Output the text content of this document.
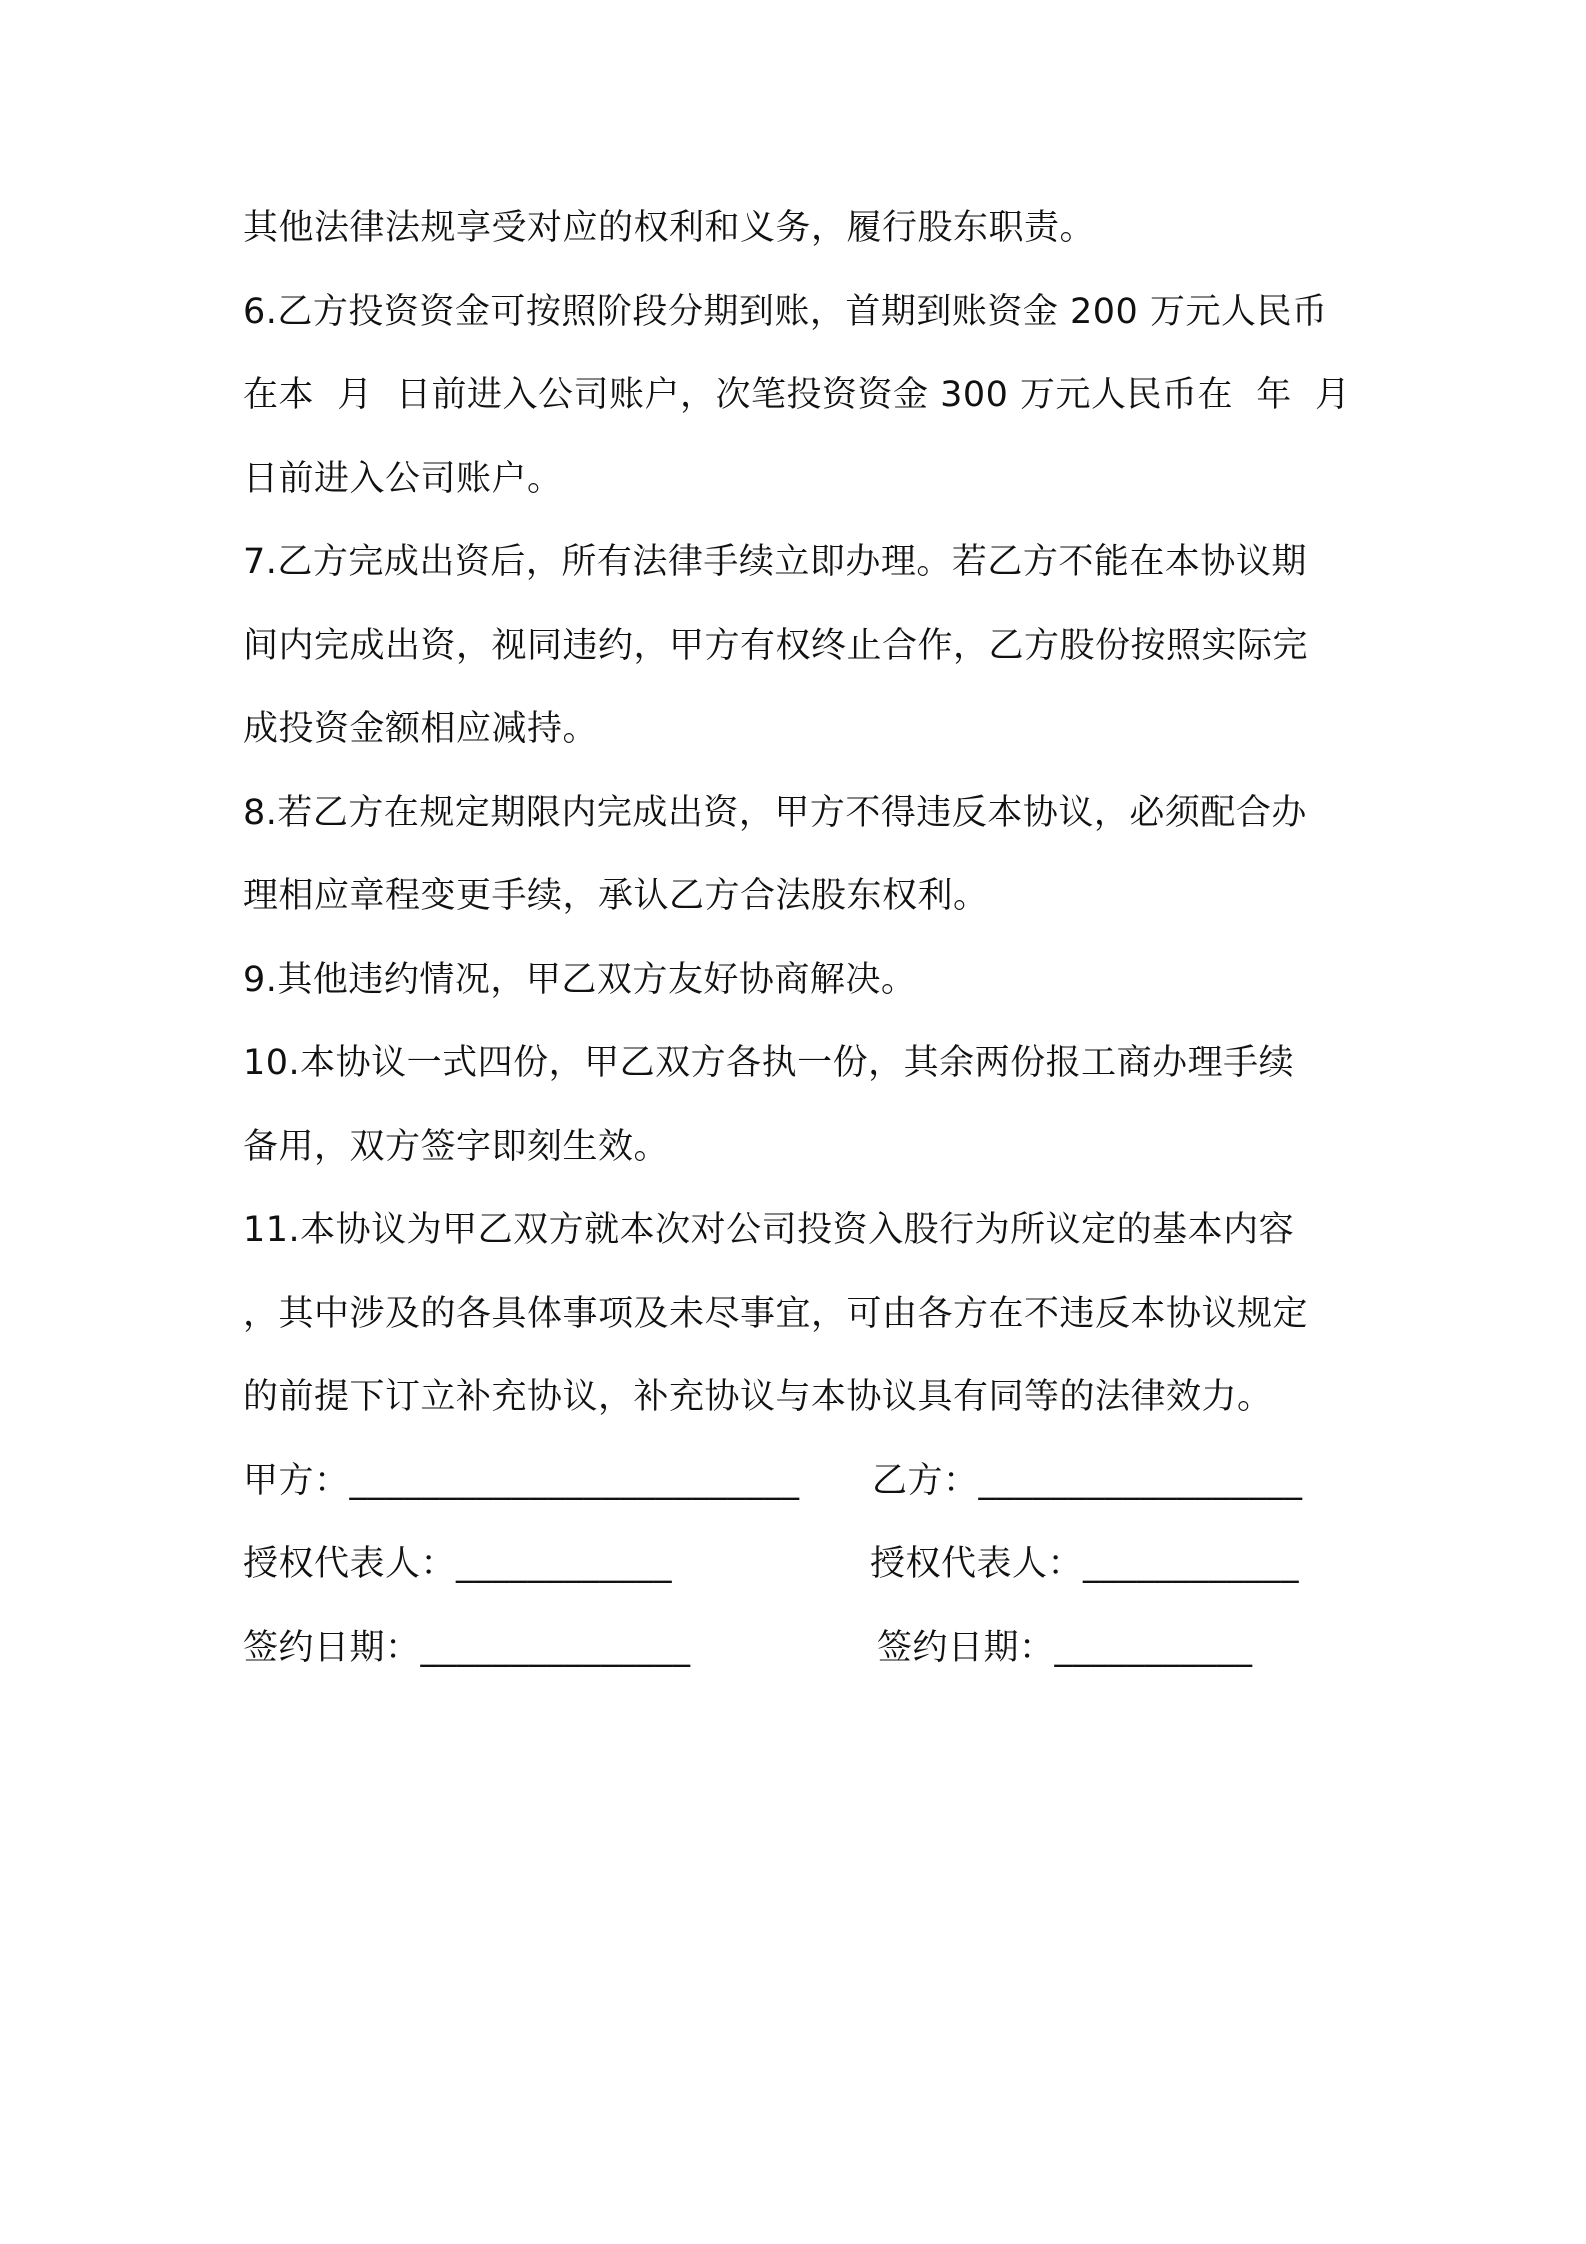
其他法律法规享受对应的权利和义务，履行股东职责。
6.乙方投资资金可按照阶段分期到账，首期到账资金 200 万元人民币
在本  月  日前进入公司账户，次笔投资资金 300 万元人民币在  年  月
日前进入公司账户。
7.乙方完成出资后，所有法律手续立即办理。若乙方不能在本协议期
间内完成出资，视同违约，甲方有权终止合作，乙方股份按照实际完
成投资金额相应减持。
8.若乙方在规定期限内完成出资，甲方不得违反本协议，必须配合办
理相应章程变更手续，承认乙方合法股东权利。
9.其他违约情况，甲乙双方友好协商解决。
10.本协议一式四份，甲乙双方各执一份，其余两份报工商办理手续
备用，双方签字即刻生效。
11.本协议为甲乙双方就本次对公司投资入股行为所议定的基本内容
，其中涉及的各具体事项及未尽事宜，可由各方在不违反本协议规定
的前提下订立补充协议，补充协议与本协议具有同等的法律效力。
甲方：_________________________ 乙方：__________________
授权代表人：____________	授权代表人：____________
签约日期：_______________	签约日期：___________
